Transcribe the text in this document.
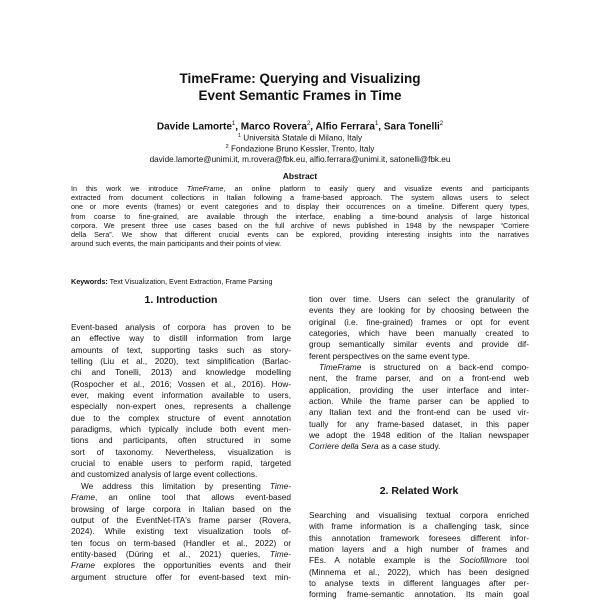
TimeFrame: Querying and Visualizing
Event Semantic Frames in Time
Davide Lamorte$^1$, Marco Rovera$^2$, Alfio Ferrara$^1$, Sara Tonelli$^2$
$^1$ Università Statale di Milano, Italy
$^2$ Fondazione Bruno Kessler, Trento, Italy
davide.lamorte@unimi.it, m.rovera@fbk.eu, alfio.ferrara@unimi.it, satonelli@fbk.eu
Abstract
In this work we introduce TimeFrame, an online platform to easily query and visualize events and participants
extracted from document collections in Italian following a frame-based approach. The system allows users to select
one or more events (frames) or event categories and to display their occurrences on a timeline. Different query types,
from coarse to fine-grained, are available through the interface, enabling a time-bound analysis of large historical
corpora. We present three use cases based on the full archive of news published in 1948 by the newspaper “Corriere
della Sera”. We show that different crucial events can be explored, providing interesting insights into the narratives
around such events, the main participants and their points of view.
Keywords: Text Visualization, Event Extraction, Frame Parsing
1. Introduction
Event-based analysis of corpora has proven to be
an effective way to distill information from large
amounts of text, supporting tasks such as story-
telling (Liu et al., 2020), text simplification (Barlac-
chi and Tonelli, 2013) and knowledge modelling
(Rospocher et al., 2016; Vossen et al., 2016). How-
ever, making event information available to users,
especially non-expert ones, represents a challenge
due to the complex structure of event annotation
paradigms, which typically include both event men-
tions and participants, often structured in some
sort of taxonomy. Nevertheless, visualization is
crucial to enable users to perform rapid, targeted
and customized analysis of large event collections.
We address this limitation by presenting Time-
Frame, an online tool that allows event-based
browsing of large corpora in Italian based on the
output of the EventNet-ITA's frame parser (Rovera,
2024). While existing text visualization tools of-
ten focus on term-based (Handler et al., 2022) or
entity-based (Düring et al., 2021) queries, Time-
Frame explores the opportunities events and their
argument structure offer for event-based text min-
tion over time. Users can select the granularity of
events they are looking for by choosing between the
original (i.e. fine-grained) frames or opt for event
categories, which have been manually created to
group semantically similar events and provide dif-
ferent perspectives on the same event type.
TimeFrame is structured on a back-end compo-
nent, the frame parser, and on a front-end web
application, providing the user interface and inter-
action. While the frame parser can be applied to
any Italian text and the front-end can be used vir-
tually for any frame-based dataset, in this paper
we adopt the 1948 edition of the Italian newspaper
Corriere della Sera as a case study.
2. Related Work
Searching and visualising textual corpora enriched
with frame information is a challenging task, since
this annotation framework foresees different infor-
mation layers and a high number of frames and
FEs. A notable example is the Sociofillmore tool
(Minnema et al., 2022), which has been designed
to analyse texts in different languages after per-
forming frame-semantic annotation. Its main goal
